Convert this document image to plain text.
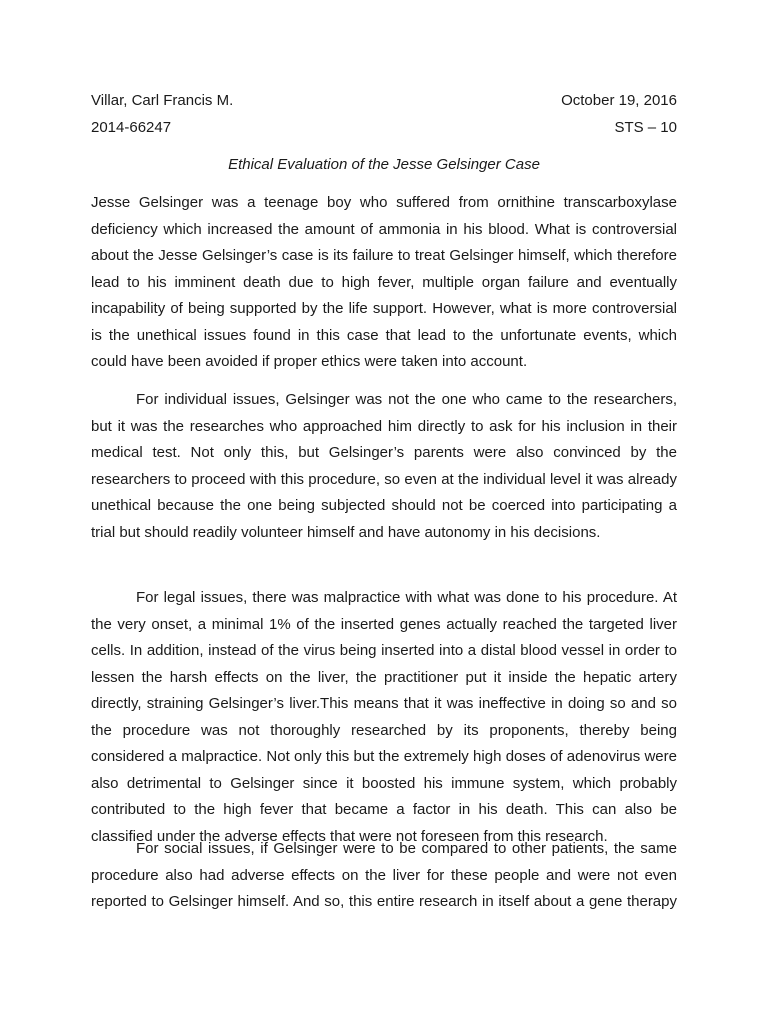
Villar, Carl Francis M.	October 19, 2016
2014-66247	STS – 10
Ethical Evaluation of the Jesse Gelsinger Case

Jesse Gelsinger was a teenage boy who suffered from ornithine transcarboxylase
deficiency which increased the amount of ammonia in his blood. What is controversial
about the Jesse Gelsinger’s case is its failure to treat Gelsinger himself, which therefore
lead to his imminent death due to high fever, multiple organ failure and eventually
incapability of being supported by the life support. However, what is more controversial
is the unethical issues found in this case that lead to the unfortunate events, which
could have been avoided if proper ethics were taken into account.

For individual issues, Gelsinger was not the one who came to the researchers,
but it was the researches who approached him directly to ask for his inclusion in their
medical test. Not only this, but Gelsinger’s parents were also convinced by the
researchers to proceed with this procedure, so even at the individual level it was already
unethical because the one being subjected should not be coerced into participating a
trial but should readily volunteer himself and have autonomy in his decisions.

For legal issues, there was malpractice with what was done to his procedure. At
the very onset, a minimal 1% of the inserted genes actually reached the targeted liver
cells. In addition, instead of the virus being inserted into a distal blood vessel in order to
lessen the harsh effects on the liver, the practitioner put it inside the hepatic artery
directly, straining Gelsinger’s liver.This means that it was ineffective in doing so and so
the procedure was not thoroughly researched by its proponents, thereby being
considered a malpractice. Not only this but the extremely high doses of adenovirus were
also detrimental to Gelsinger since it boosted his immune system, which probably
contributed to the high fever that became a factor in his death. This can also be
classified under the adverse effects that were not foreseen from this research.

For social issues, if Gelsinger were to be compared to other patients, the same
procedure also had adverse effects on the liver for these people and were not even
reported to Gelsinger himself. And so, this entire research in itself about a gene therapy
